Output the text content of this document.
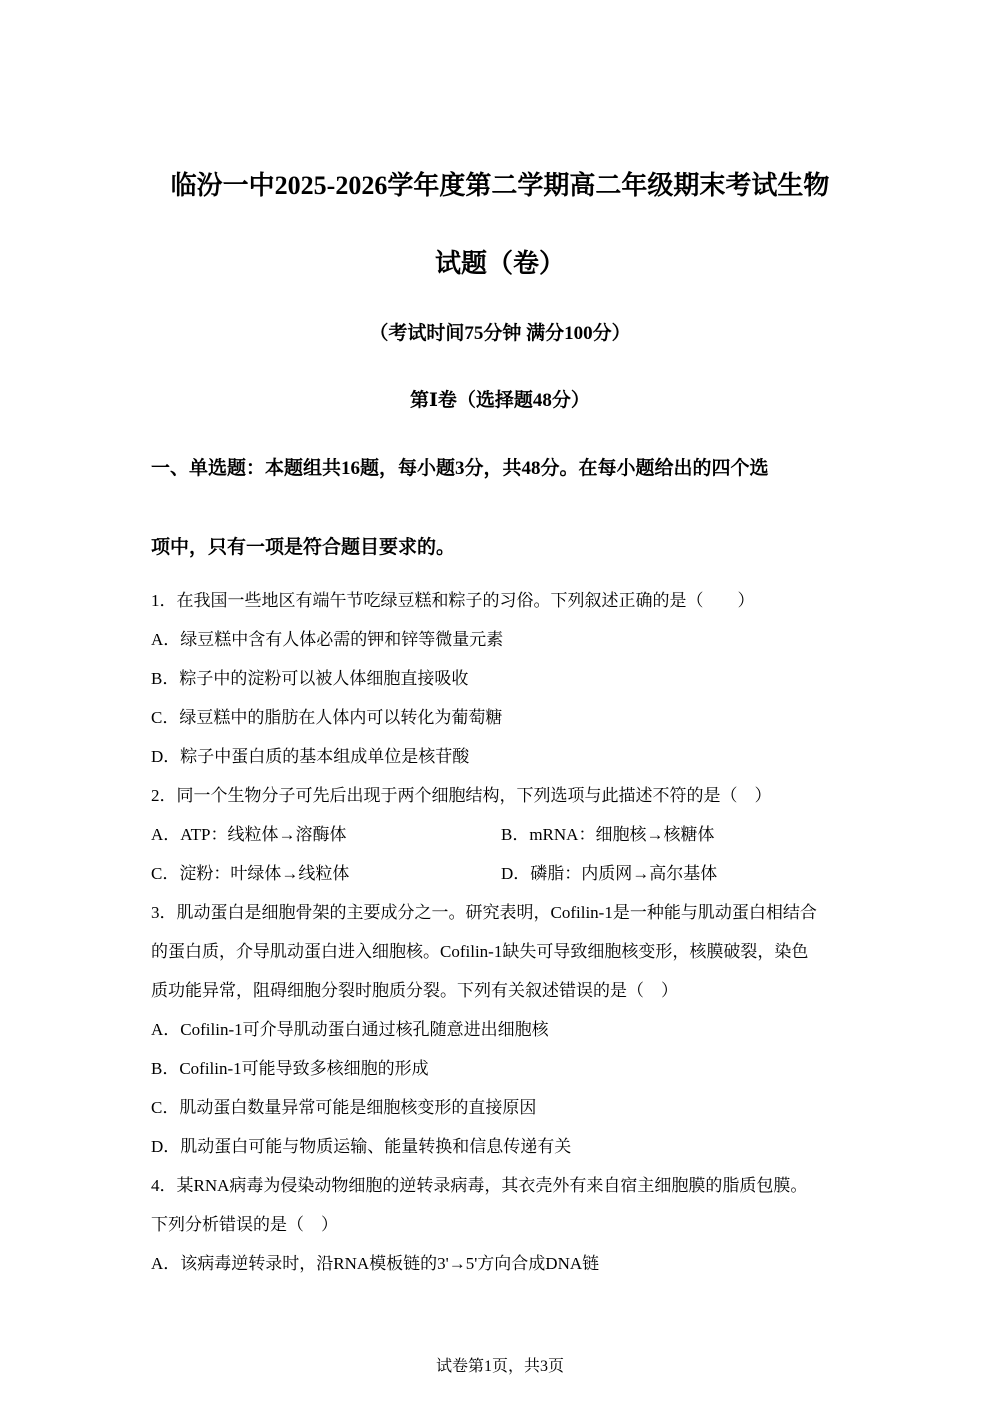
临汾一中2025-2026学年度第二学期高二年级期末考试生物
试题（卷）
（考试时间75分钟 满分100分）
第Ⅰ卷（选择题48分）
一、单选题：本题组共16题，每小题3分，共48分。在每小题给出的四个选
项中，只有一项是符合题目要求的。
1．在我国一些地区有端午节吃绿豆糕和粽子的习俗。下列叙述正确的是（　　）
A．绿豆糕中含有人体必需的钾和锌等微量元素
B．粽子中的淀粉可以被人体细胞直接吸收
C．绿豆糕中的脂肪在人体内可以转化为葡萄糖
D．粽子中蛋白质的基本组成单位是核苷酸
2．同一个生物分子可先后出现于两个细胞结构，下列选项与此描述不符的是（　）
A．ATP：线粒体→溶酶体	B．mRNA：细胞核→核糖体
C．淀粉：叶绿体→线粒体	D．磷脂：内质网→高尔基体
3．肌动蛋白是细胞骨架的主要成分之一。研究表明，Cofilin-1是一种能与肌动蛋白相结合
的蛋白质，介导肌动蛋白进入细胞核。Cofilin-1缺失可导致细胞核变形，核膜破裂，染色
质功能异常，阻碍细胞分裂时胞质分裂。下列有关叙述错误的是（　）
A．Cofilin-1可介导肌动蛋白通过核孔随意进出细胞核
B．Cofilin-1可能导致多核细胞的形成
C．肌动蛋白数量异常可能是细胞核变形的直接原因
D．肌动蛋白可能与物质运输、能量转换和信息传递有关
4．某RNA病毒为侵染动物细胞的逆转录病毒，其衣壳外有来自宿主细胞膜的脂质包膜。
下列分析错误的是（　）
A．该病毒逆转录时，沿RNA模板链的3'→5'方向合成DNA链
试卷第1页，共3页
